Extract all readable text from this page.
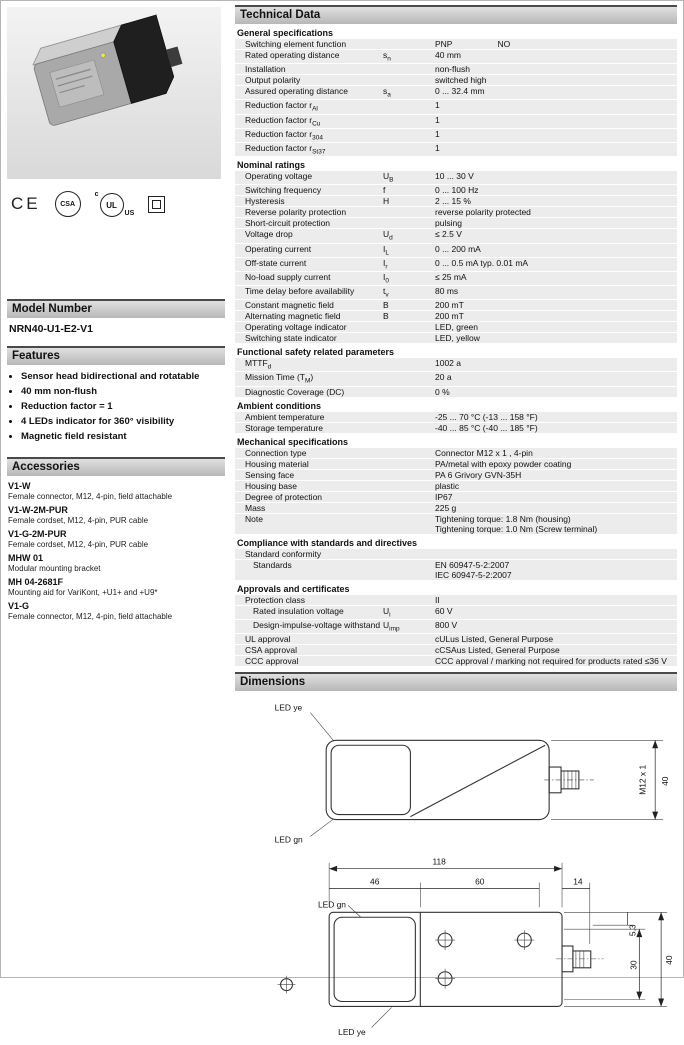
CE	CSA
c
UL
US
Model Number
NRN40-U1-E2-V1
Features
• Sensor head bidirectional and rotatable
• 40 mm non-flush
• Reduction factor = 1
• 4 LEDs indicator for 360° visibility
• Magnetic field resistant
Accessories
V1-W
Female connector, M12, 4-pin, field attachable
V1-W-2M-PUR
Female cordset, M12, 4-pin, PUR cable
V1-G-2M-PUR
Female cordset, M12, 4-pin, PUR cable
MHW 01
Modular mounting bracket
MH 04-2681F
Mounting aid for VariKont, +U1+ and +U9*
V1-G
Female connector, M12, 4-pin, field attachable
Technical Data
General specifications
Switching element function	PNP	NO
Rated operating distance	$s_n$	40 mm
Installation	non-flush
Output polarity	switched high
Assured operating distance	$s_a$	0 ... 32.4 mm
Reduction factor $r_{Al}$	1
Reduction factor $r_{Cu}$	1
Reduction factor $r_{304}$	1
Reduction factor $r_{St37}$	1
Nominal ratings
Operating voltage	$U_B$	10 ... 30 V
Switching frequency	f	0 ... 100 Hz
Hysteresis	H	2 ... 15 %
Reverse polarity protection	reverse polarity protected
Short-circuit protection	pulsing
Voltage drop	$U_d$	≤ 2.5 V
Operating current	$I_L$	0 ... 200 mA
Off-state current	$I_r$	0 ... 0.5 mA typ. 0.01 mA
No-load supply current	$I_0$	≤ 25 mA
Time delay before availability	$t_v$	80 ms
Constant magnetic field	B	200 mT
Alternating magnetic field	B	200 mT
Operating voltage indicator	LED, green
Switching state indicator	LED, yellow
Functional safety related parameters
$MTTF_d$	1002 a
Mission Time $(T_M)$	20 a
Diagnostic Coverage (DC)	0 %
Ambient conditions
Ambient temperature	-25 ... 70 °C (-13 ... 158 °F)
Storage temperature	-40 ... 85 °C (-40 ... 185 °F)
Mechanical specifications
Connection type	Connector M12 x 1 , 4-pin
Housing material	PA/metal with epoxy powder coating
Sensing face	PA 6 Grivory GVN-35H
Housing base	plastic
Degree of protection	IP67
Mass	225 g
Note	Tightening torque: 1.8 Nm (housing)
Tightening torque: 1.0 Nm (Screw terminal)
Compliance with standards and directives
Standard conformity
Standards	EN 60947-5-2:2007
IEC 60947-5-2:2007
Approvals and certificates
Protection class	II
Rated insulation voltage	$U_i$	60 V
Design-impulse-voltage withstand $U_{imp}$	800 V
UL approval	cULus Listed, General Purpose
CSA approval	cCSAus Listed, General Purpose
CCC approval	CCC approval / marking not required for products rated ≤36 V
Dimensions
LED ye
LED gn
M12 x 1 40

118
46	60	14
5.3
30
40
LED gn
LED ye
